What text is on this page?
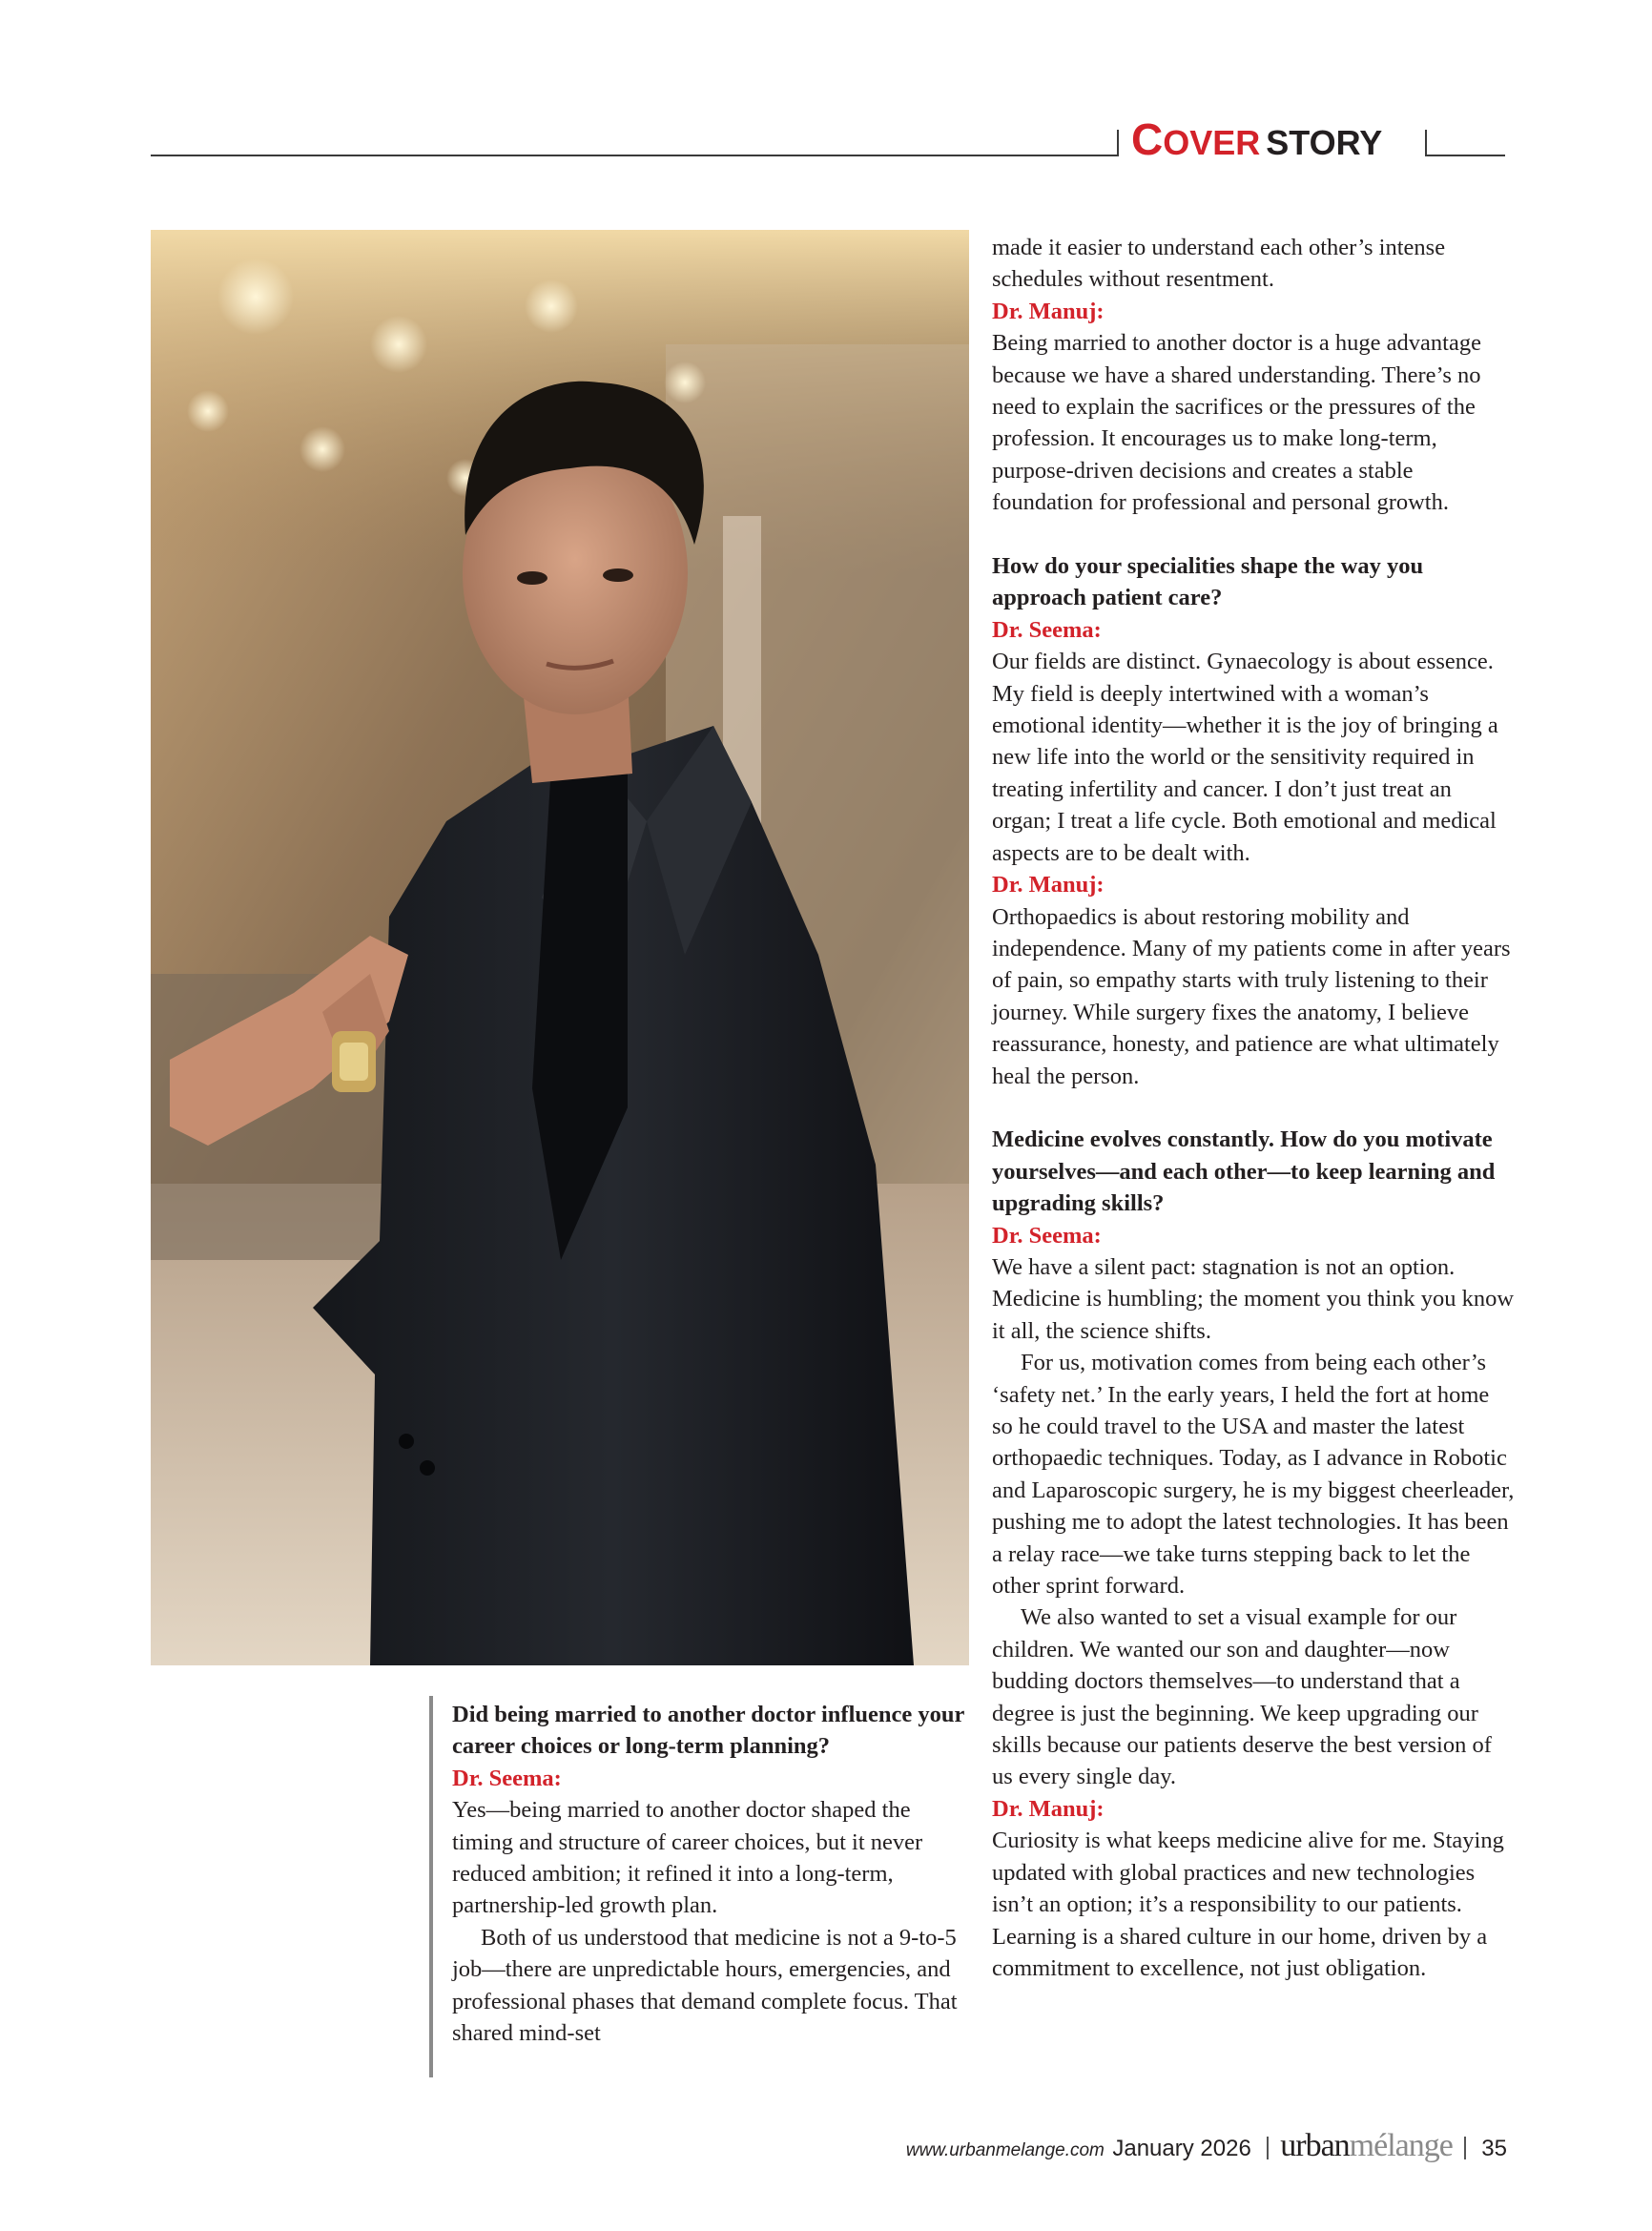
COVER STORY

made it easier to understand each other’s intense schedules without resentment.

Dr. Manuj:

Being married to another doctor is a huge advantage because we have a shared understanding. There’s no need to explain the sacrifices or the pressures of the profession. It encourages us to make long-term, purpose-driven decisions and creates a stable foundation for professional and personal growth.

How do your specialities shape the way you approach patient care?

Dr. Seema:

Our fields are distinct. Gynaecology is about essence. My field is deeply intertwined with a woman’s emotional identity—whether it is the joy of bringing a new life into the world or the sensitivity required in treating infertility and cancer. I don’t just treat an organ; I treat a life cycle. Both emotional and medical aspects are to be dealt with.

Dr. Manuj:

Orthopaedics is about restoring mobility and independence. Many of my patients come in after years of pain, so empathy starts with truly listening to their journey. While surgery fixes the anatomy, I believe reassurance, honesty, and patience are what ultimately heal the person.

Medicine evolves constantly. How do you motivate yourselves—and each other—to keep learning and upgrading skills?

Dr. Seema:

We have a silent pact: stagnation is not an option. Medicine is humbling; the moment you think you know it all, the science shifts.

For us, motivation comes from being each other’s ‘safety net.’ In the early years, I held the fort at home so he could travel to the USA and master the latest orthopaedic techniques. Today, as I advance in Robotic and Laparoscopic surgery, he is my biggest cheerleader, pushing me to adopt the latest technologies. It has been a relay race—we take turns stepping back to let the other sprint forward.

We also wanted to set a visual example for our children. We wanted our son and daughter—now budding doctors themselves—to understand that a degree is just the beginning. We keep upgrading our skills because our patients deserve the best version of us every single day.

Dr. Manuj:

Curiosity is what keeps medicine alive for me. Staying updated with global practices and new technologies isn’t an option; it’s a responsibility to our patients. Learning is a shared culture in our home, driven by a commitment to excellence, not just obligation.

Did being married to another doctor influence your career choices or long-term planning?

Dr. Seema:

Yes—being married to another doctor shaped the timing and structure of career choices, but it never reduced ambition; it refined it into a long-term, partnership-led growth plan.

Both of us understood that medicine is not a 9-to-5 job—there are unpredictable hours, emergencies, and professional phases that demand complete focus. That shared mind-set

www.urbanmelange.com January 2026 urbanmélange 35
